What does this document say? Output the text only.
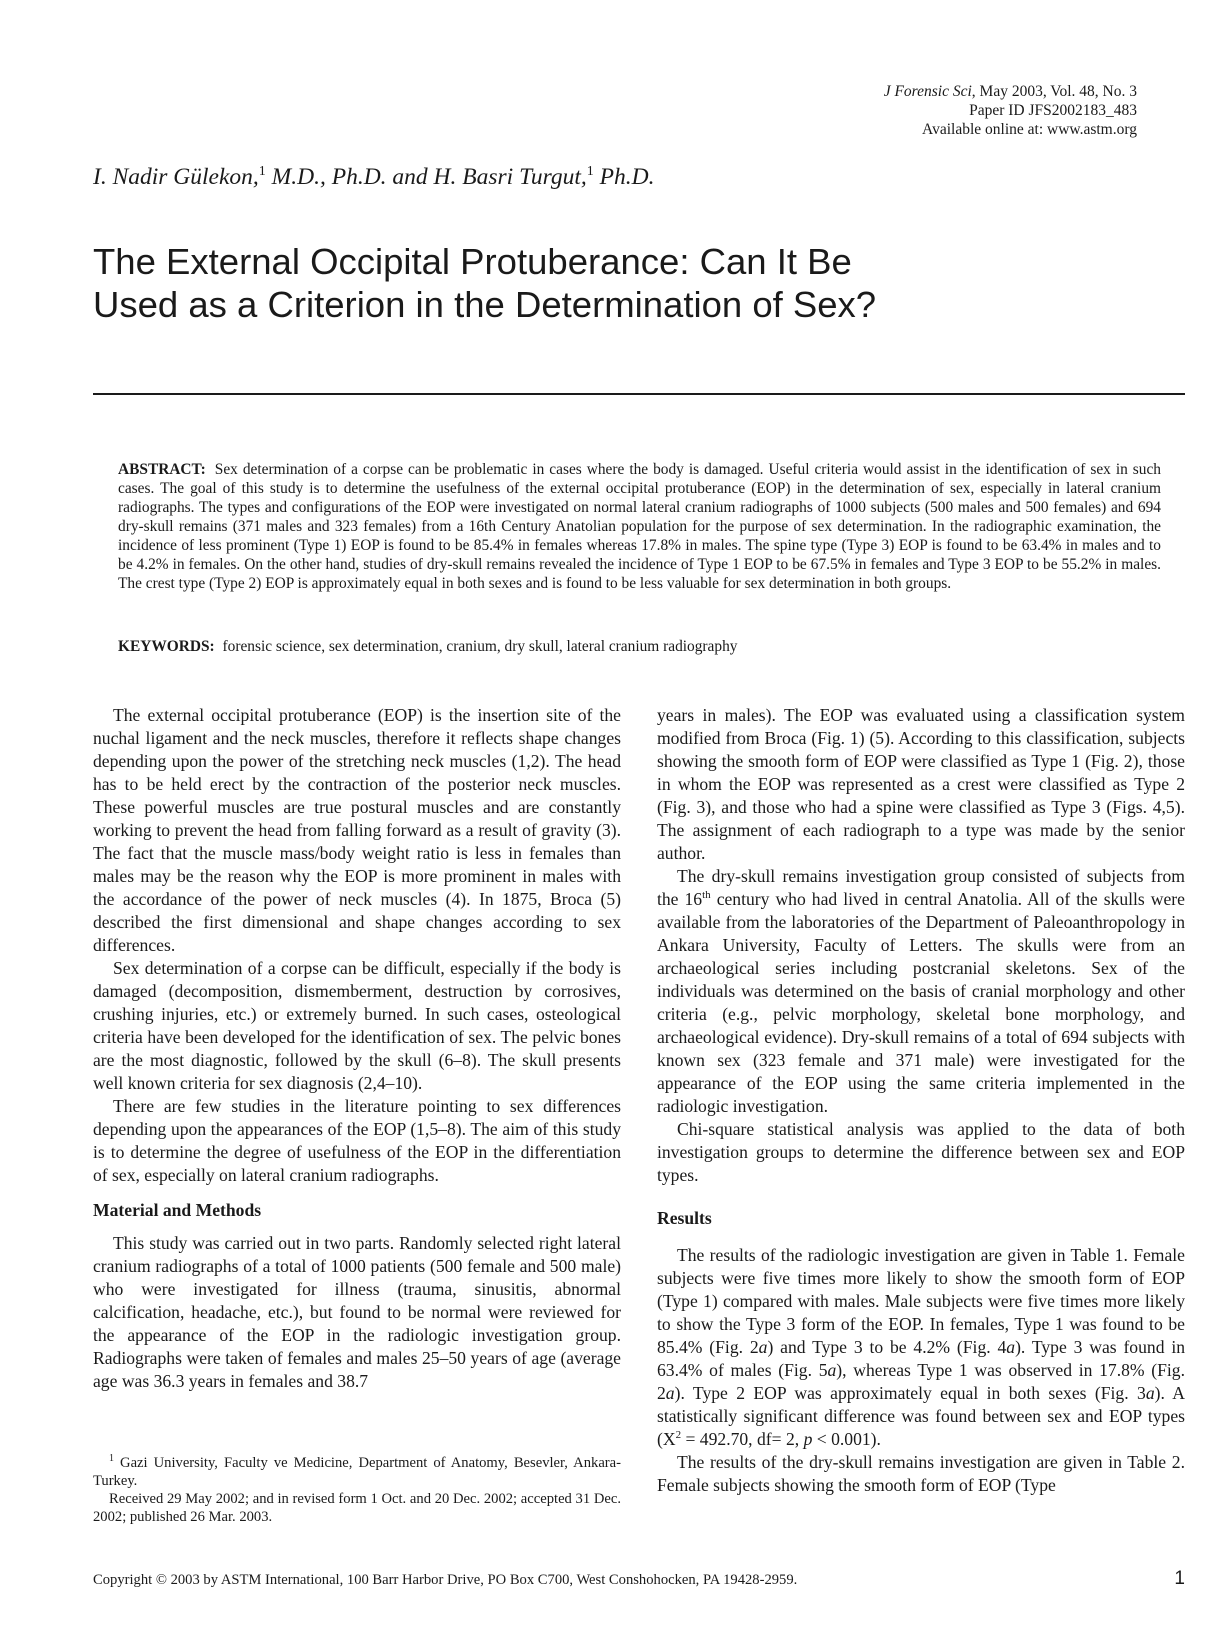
J Forensic Sci, May 2003, Vol. 48, No. 3
Paper ID JFS2002183_483
Available online at: www.astm.org
I. Nadir Gülekon,$^1$ M.D., Ph.D. and H. Basri Turgut,$^1$ Ph.D.
The External Occipital Protuberance: Can It Be
Used as a Criterion in the Determination of Sex?
ABSTRACT: Sex determination of a corpse can be problematic in cases where the body is damaged. Useful criteria would assist in the identification of sex in such cases. The goal of this study is to determine the usefulness of the external occipital protuberance (EOP) in the determination of sex, especially in lateral cranium radiographs. The types and configurations of the EOP were investigated on normal lateral cranium radiographs of 1000 subjects (500 males and 500 females) and 694 dry-skull remains (371 males and 323 females) from a 16th Century Anatolian population for the purpose of sex determination. In the radiographic examination, the incidence of less prominent (Type 1) EOP is found to be 85.4% in females whereas 17.8% in males. The spine type (Type 3) EOP is found to be 63.4% in males and to be 4.2% in females. On the other hand, studies of dry-skull remains revealed the incidence of Type 1 EOP to be 67.5% in females and Type 3 EOP to be 55.2% in males. The crest type (Type 2) EOP is approximately equal in both sexes and is found to be less valuable for sex determination in both groups.
KEYWORDS: forensic science, sex determination, cranium, dry skull, lateral cranium radiography

The external occipital protuberance (EOP) is the insertion site of the nuchal ligament and the neck muscles, therefore it reflects shape changes depending upon the power of the stretching neck muscles (1,2). The head has to be held erect by the contraction of the posterior neck muscles. These powerful muscles are true postural muscles and are constantly working to prevent the head from falling forward as a result of gravity (3). The fact that the muscle mass/body weight ratio is less in females than males may be the reason why the EOP is more prominent in males with the accordance of the power of neck muscles (4). In 1875, Broca (5) described the first dimensional and shape changes according to sex differences.

Sex determination of a corpse can be difficult, especially if the body is damaged (decomposition, dismemberment, destruction by corrosives, crushing injuries, etc.) or extremely burned. In such cases, osteological criteria have been developed for the identification of sex. The pelvic bones are the most diagnostic, followed by the skull (6–8). The skull presents well known criteria for sex diagnosis (2,4–10).

There are few studies in the literature pointing to sex differences depending upon the appearances of the EOP (1,5–8). The aim of this study is to determine the degree of usefulness of the EOP in the differentiation of sex, especially on lateral cranium radiographs.

Material and Methods

This study was carried out in two parts. Randomly selected right lateral cranium radiographs of a total of 1000 patients (500 female and 500 male) who were investigated for illness (trauma, sinusitis, abnormal calcification, headache, etc.), but found to be normal were reviewed for the appearance of the EOP in the radiologic investigation group. Radiographs were taken of females and males 25–50 years of age (average age was 36.3 years in females and 38.7

years in males). The EOP was evaluated using a classification system modified from Broca (Fig. 1) (5). According to this classification, subjects showing the smooth form of EOP were classified as Type 1 (Fig. 2), those in whom the EOP was represented as a crest were classified as Type 2 (Fig. 3), and those who had a spine were classified as Type 3 (Figs. 4,5). The assignment of each radiograph to a type was made by the senior author.

The dry-skull remains investigation group consisted of subjects from the 16th century who had lived in central Anatolia. All of the skulls were available from the laboratories of the Department of Paleoanthropology in Ankara University, Faculty of Letters. The skulls were from an archaeological series including postcranial skeletons. Sex of the individuals was determined on the basis of cranial morphology and other criteria (e.g., pelvic morphology, skeletal bone morphology, and archaeological evidence). Dry-skull remains of a total of 694 subjects with known sex (323 female and 371 male) were investigated for the appearance of the EOP using the same criteria implemented in the radiologic investigation.

Chi-square statistical analysis was applied to the data of both investigation groups to determine the difference between sex and EOP types.

Results

The results of the radiologic investigation are given in Table 1. Female subjects were five times more likely to show the smooth form of EOP (Type 1) compared with males. Male subjects were five times more likely to show the Type 3 form of the EOP. In females, Type 1 was found to be 85.4% (Fig. 2a) and Type 3 to be 4.2% (Fig. 4a). Type 3 was found in 63.4% of males (Fig. 5a), whereas Type 1 was observed in 17.8% (Fig. 2a). Type 2 EOP was approximately equal in both sexes (Fig. 3a). A statistically significant difference was found between sex and EOP types ($X^2 = 492.70$, df= 2, p < 0.001).

The results of the dry-skull remains investigation are given in Table 2. Female subjects showing the smooth form of EOP (Type

$^1$ Gazi University, Faculty ve Medicine, Department of Anatomy, Besevler, Ankara-Turkey.

Received 29 May 2002; and in revised form 1 Oct. and 20 Dec. 2002; accepted 31 Dec. 2002; published 26 Mar. 2003.

Copyright © 2003 by ASTM International, 100 Barr Harbor Drive, PO Box C700, West Conshohocken, PA 19428-2959.	1
